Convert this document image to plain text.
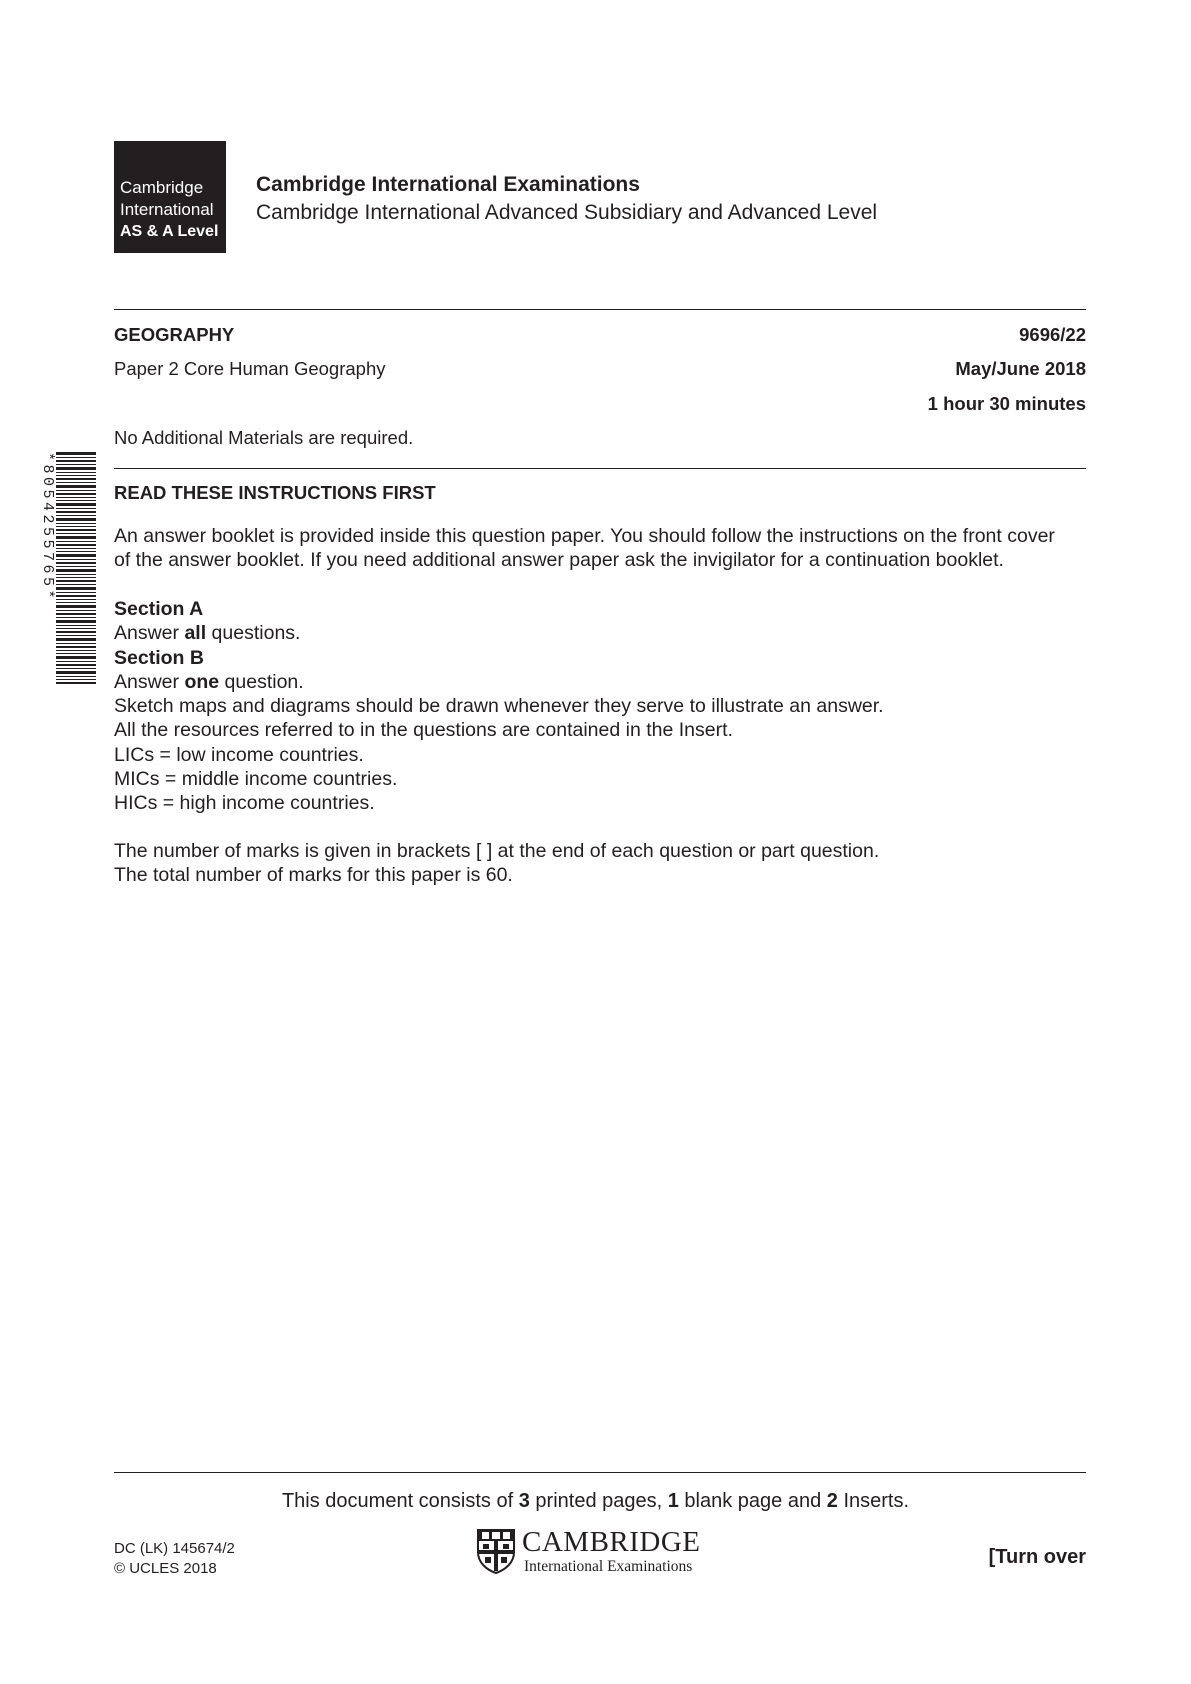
Cambridge
International
AS & A Level
Cambridge International Examinations
Cambridge International Advanced Subsidiary and Advanced Level
GEOGRAPHY	9696/22
Paper 2 Core Human Geography	May/June 2018
1 hour 30 minutes
No Additional Materials are required.
*8054255765*	READ THESE INSTRUCTIONS FIRST
An answer booklet is provided inside this question paper. You should follow the instructions on the front cover
of the answer booklet. If you need additional answer paper ask the invigilator for a continuation booklet.
Section A
Answer all questions.
Section B
Answer one question.
Sketch maps and diagrams should be drawn whenever they serve to illustrate an answer.
All the resources referred to in the questions are contained in the Insert.
LICs = low income countries.
MICs = middle income countries.
HICs = high income countries.
The number of marks is given in brackets [ ] at the end of each question or part question.
The total number of marks for this paper is 60.
This document consists of 3 printed pages, 1 blank page and 2 Inserts.
DC (LK) 145674/2
© UCLES 2018
CAMBRIDGE
International Examinations	[Turn over
